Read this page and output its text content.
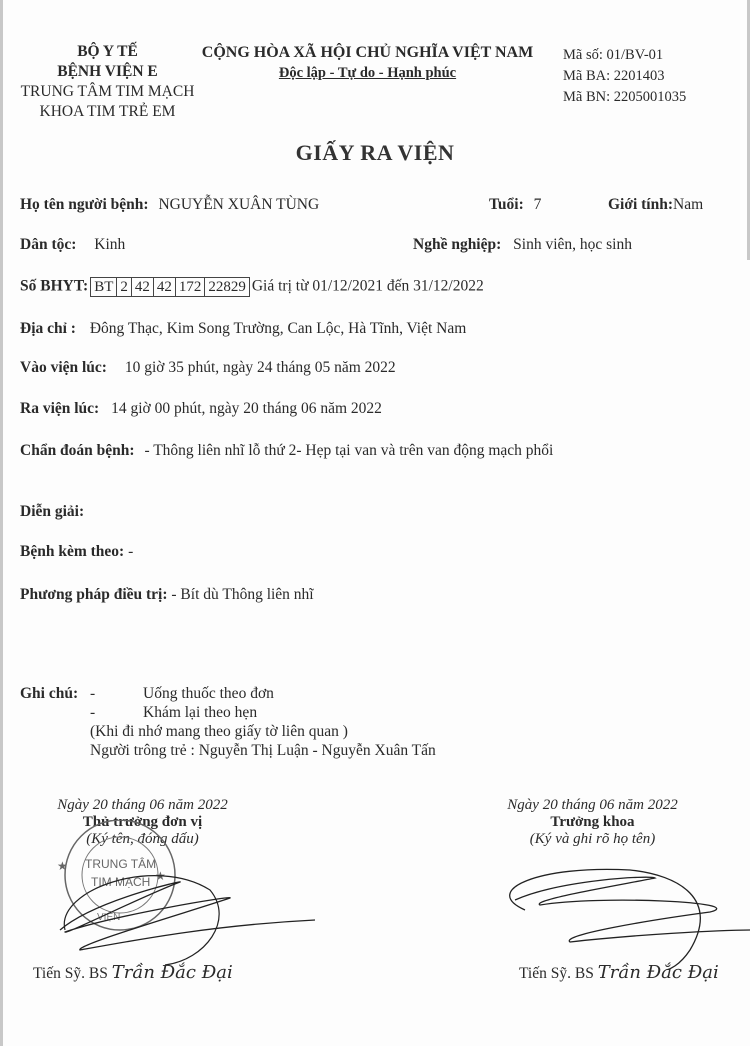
BỘ Y TẾ
BỆNH VIỆN E
TRUNG TÂM TIM MẠCH
KHOA TIM TRẺ EM
CỘNG HÒA XÃ HỘI CHỦ NGHĨA VIỆT NAM
Độc lập - Tự do - Hạnh phúc
Mã số: 01/BV-01
Mã BA: 2201403
Mã BN: 2205001035
GIẤY RA VIỆN
Họ tên người bệnh: NGUYỄN XUÂN TÙNG	Tuổi: 7	Giới tính:Nam
Dân tộc: Kinh	Nghề nghiệp: Sinh viên, học sinh
Số BHYT: BT 2 42 42 172 22829 Giá trị từ 01/12/2021 đến 31/12/2022
Địa chỉ : Đông Thạc, Kim Song Trường, Can Lộc, Hà Tĩnh, Việt Nam
Vào viện lúc: 10 giờ 35 phút, ngày 24 tháng 05 năm 2022
Ra viện lúc: 14 giờ 00 phút, ngày 20 tháng 06 năm 2022
Chẩn đoán bệnh: - Thông liên nhĩ lỗ thứ 2- Hẹp tại van và trên van động mạch phổi
Diễn giải:
Bệnh kèm theo: -
Phương pháp điều trị: - Bít dù Thông liên nhĩ
Ghi chú: -	Uống thuốc theo đơn
-	Khám lại theo hẹn
(Khi đi nhớ mang theo giấy tờ liên quan )
Người trông trẻ : Nguyễn Thị Luận - Nguyễn Xuân Tấn
Ngày 20 tháng 06 năm 2022
Thủ trưởng đơn vị
(Ký tên, đóng dấu)
TRUNG TÂM
TIM MẠCH
★
★
VIỆN
Tiến Sỹ. BS Trần Đắc Đại
Ngày 20 tháng 06 năm 2022
Trưởng khoa
(Ký và ghi rõ họ tên)
Tiến Sỹ. BS Trần Đắc Đại
